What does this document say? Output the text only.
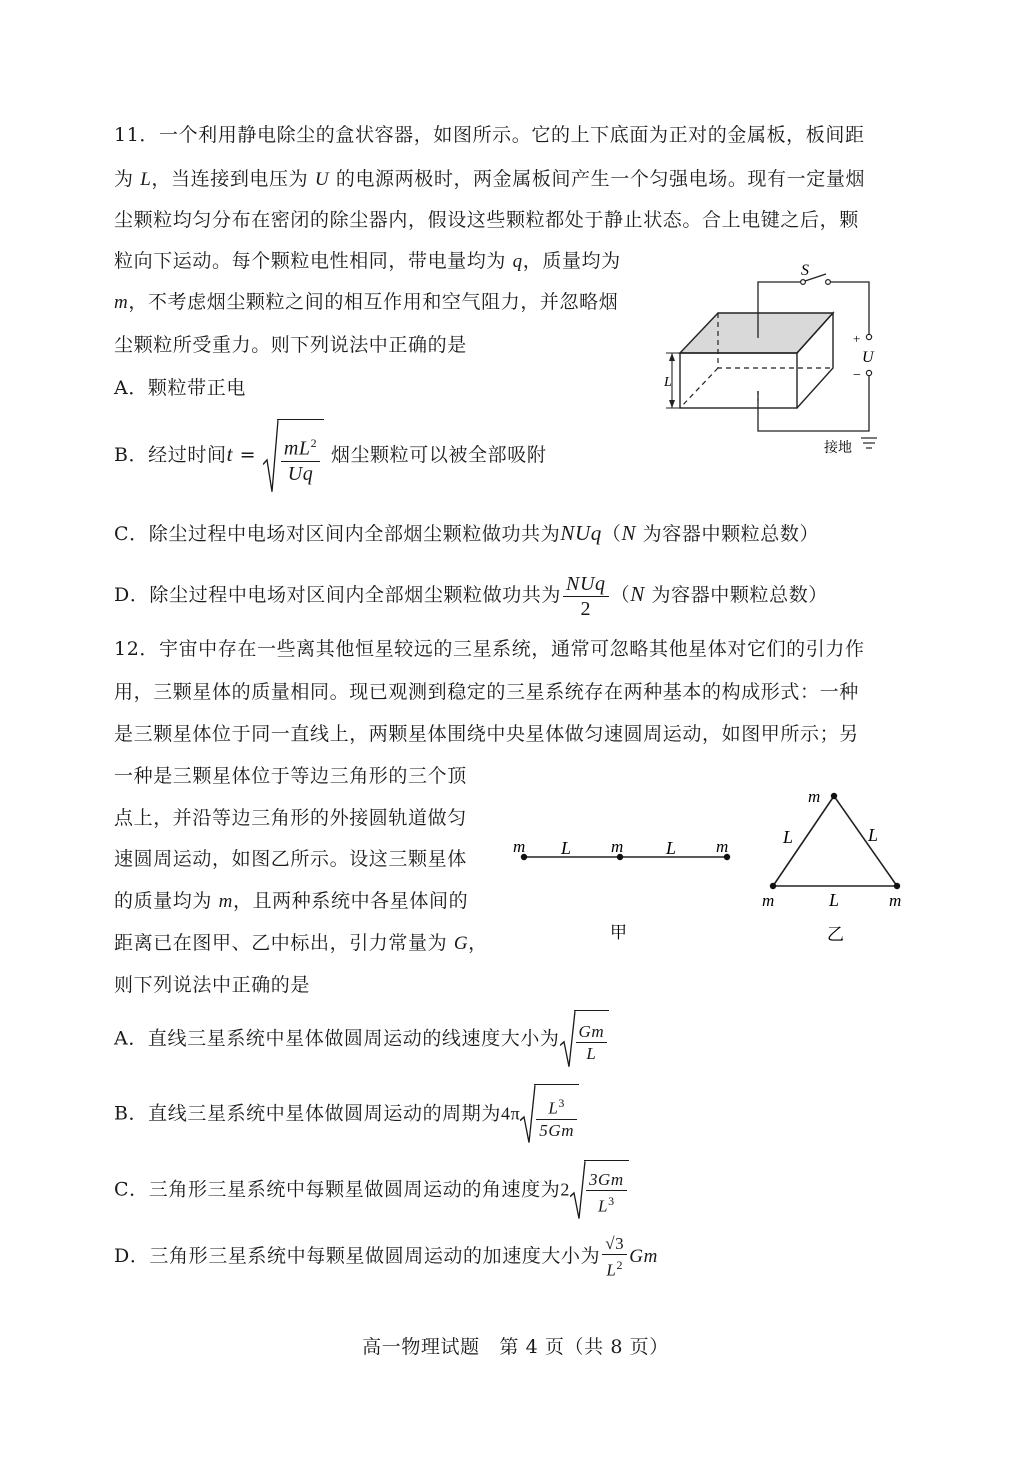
11．一个利用静电除尘的盒状容器，如图所示。它的上下底面为正对的金属板，板间距
为 L，当连接到电压为 U 的电源两极时，两金属板间产生一个匀强电场。现有一定量烟
尘颗粒均匀分布在密闭的除尘器内，假设这些颗粒都处于静止状态。合上电键之后，颗
粒向下运动。每个颗粒电性相同，带电量均为 q，质量均为
m，不考虑烟尘颗粒之间的相互作用和空气阻力，并忽略烟
尘颗粒所受重力。则下列说法中正确的是
A．颗粒带正电
B．经过时间$t = \frac{mL^2}{Uq}$ 烟尘颗粒可以被全部吸附
C．除尘过程中电场对区间内全部烟尘颗粒做功共为NUq（N 为容器中颗粒总数）
D．除尘过程中电场对区间内全部烟尘颗粒做功共为 $\frac{\text{NUq}}{2} (N$ 为容器中颗粒总数）
S
+
U
−
接地
L
12．宇宙中存在一些离其他恒星较远的三星系统，通常可忽略其他星体对它们的引力作
用，三颗星体的质量相同。现已观测到稳定的三星系统存在两种基本的构成形式：一种
是三颗星体位于同一直线上，两颗星体围绕中央星体做匀速圆周运动，如图甲所示；另
一种是三颗星体位于等边三角形的三个顶
点上，并沿等边三角形的外接圆轨道做匀
速圆周运动，如图乙所示。设这三颗星体
的质量均为 m，且两种系统中各星体间的
距离已在图甲、乙中标出，引力常量为 G，
则下列说法中正确的是
A．直线三星系统中星体做圆周运动的线速度大小为 $\frac{Gm}{L}$
B．直线三星系统中星体做圆周运动的周期为$4\pi \frac{L^3}{5Gm}$
C．三角形三星系统中每颗星做圆周运动的角速度为$2 \frac{3Gm}{L^3}$
D．三角形三星系统中每颗星做圆周运动的加速度大小为 $\frac{√3}{L^2}$ Gm
m L m L m
甲
m
L	L
m	L	m
乙
高一物理试题　第 4 页（共 8 页）
